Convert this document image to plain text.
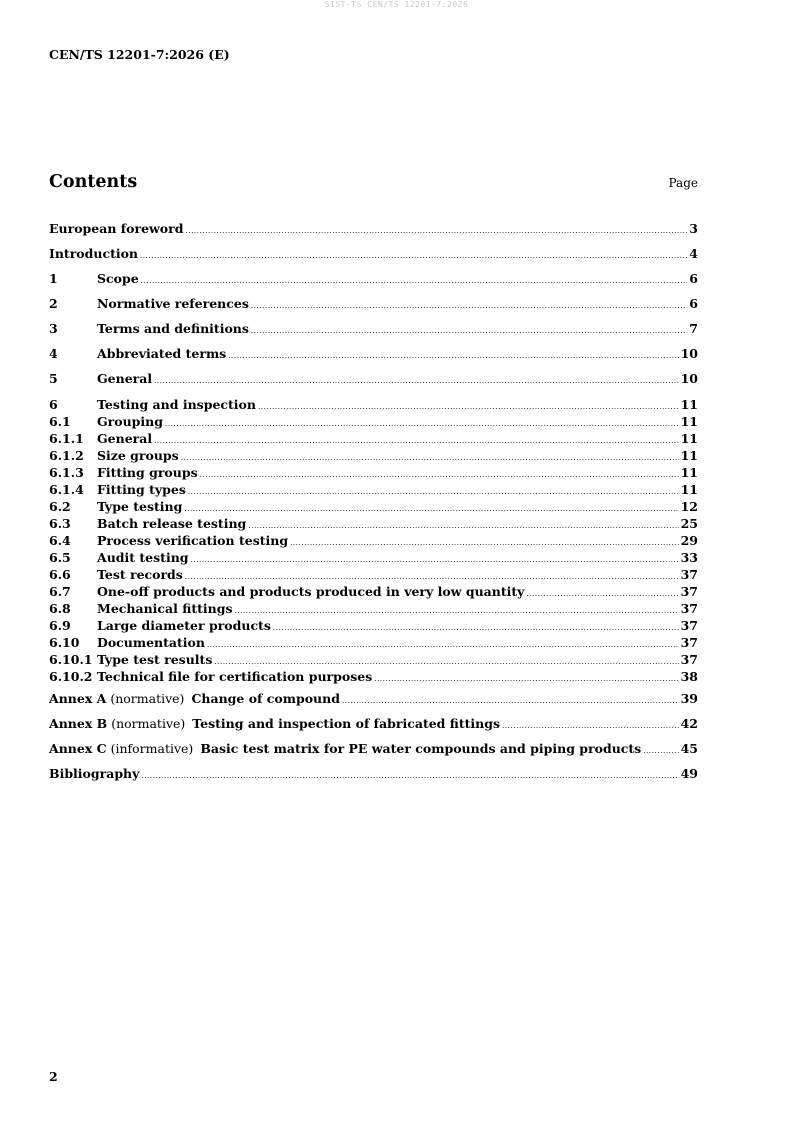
SIST-TS CEN/TS 12201-7:2026
CEN/TS 12201-7:2026 (E)
Contents	Page
European foreword .....	3
Introduction .....	4
1	Scope .....	6
2	Normative references .....	6
3	Terms and definitions .....	7
4	Abbreviated terms .....	10
5	General .....	10
6	Testing and inspection .....	11
6.1	Grouping .....	11
6.1.1	General .....	11
6.1.2	Size groups .....	11
6.1.3	Fitting groups .....	11
6.1.4	Fitting types .....	11
6.2	Type testing .....	12
6.3	Batch release testing .....	25
6.4	Process verification testing .....	29
6.5	Audit testing .....	33
6.6	Test records .....	37
6.7	One-off products and products produced in very low quantity .....	37
6.8	Mechanical fittings .....	37
6.9	Large diameter products .....	37
6.10	Documentation .....	37
6.10.1 Type test results .....	37
6.10.2 Technical file for certification purposes .....	38
Annex A (normative) Change of compound .....	39
Annex B (normative) Testing and inspection of fabricated fittings .....	42
Annex C (informative) Basic test matrix for PE water compounds and piping products .....	45
Bibliography .....	49
2
